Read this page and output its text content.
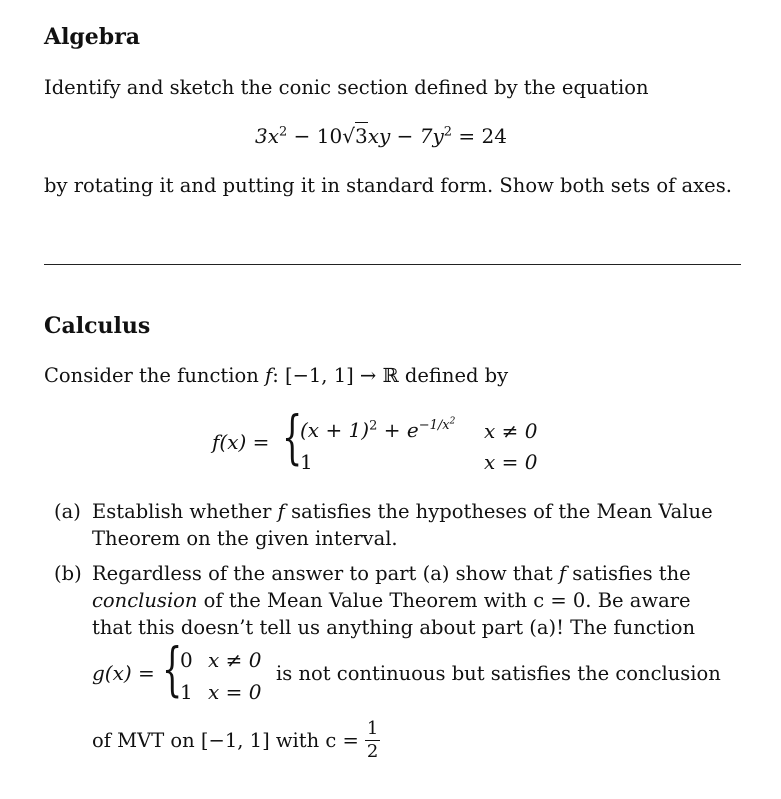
Algebra
Identify and sketch the conic section defined by the equation
$3x^2 - 10√3xy - 7y^2 = 24$
by rotating it and putting it in standard form. Show both sets of axes.
Calculus
Consider the function f: [−1, 1] → ℝ defined by
f(x) = {
$(x + 1)^2 + e^{-1/x^2}$ x ≠ 0
1	x = 0
(a) Establish whether f satisfies the hypotheses of the Mean Value
Theorem on the given interval.
(b) Regardless of the answer to part (a) show that f satisfies the
conclusion of the Mean Value Theorem with c = 0. Be aware
that this doesn’t tell us anything about part (a)! The function
g(x) = {
0 x ≠ 0
1 x = 0
is not continuous but satisfies the conclusion
of MVT on [−1, 1] with $c = \frac{1}{2}$
